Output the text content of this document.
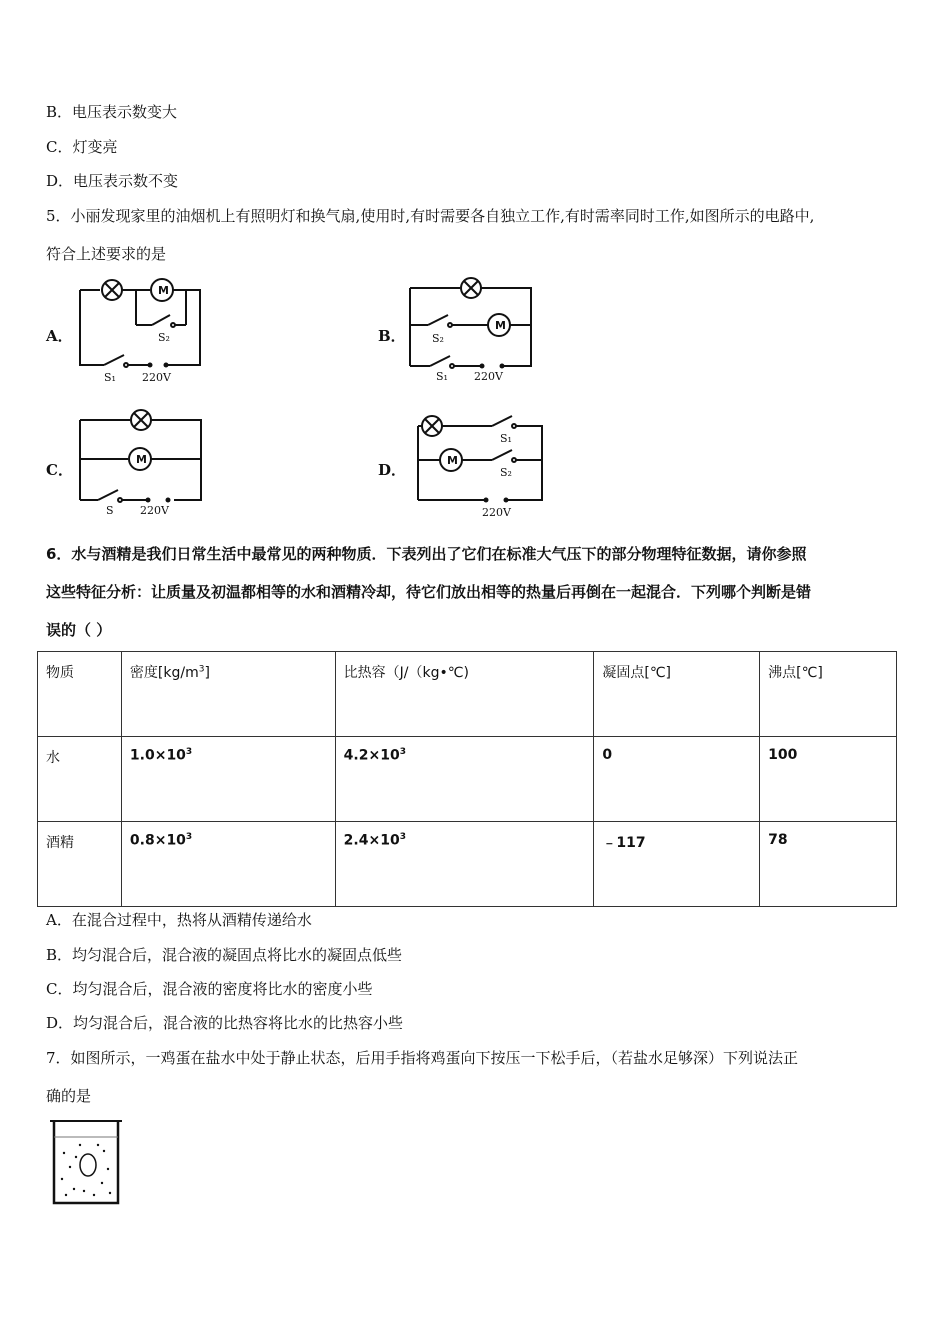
B．电压表示数变大
C．灯变亮
D．电压表示数不变
5．小丽发现家里的油烟机上有照明灯和换气扇,使用时,有时需要各自独立工作,有时需率同时工作,如图所示的电路中,
符合上述要求的是
A．
M
S₂
S₁ 220V
B．
M
S₂
S₁ 220V
C．
M
S 220V
D．
S₁
M
S₂
220V
6．水与酒精是我们日常生活中最常见的两种物质．下表列出了它们在标准大气压下的部分物理特征数据，请你参照
这些特征分析：让质量及初温都相等的水和酒精冷却，待它们放出相等的热量后再倒在一起混合．下列哪个判断是错
误的（ ）
物质	密度$[kg/m^3]$	比热容（J/（kg•℃)	凝固点[℃]	沸点[℃]
水	$1.0\times 10^3$	$4.2\times 10^3$	0	100
酒精	$0.8\times 10^3$	$2.4\times 10^3$	﹣117	78
A．在混合过程中，热将从酒精传递给水
B．均匀混合后，混合液的凝固点将比水的凝固点低些
C．均匀混合后，混合液的密度将比水的密度小些
D．均匀混合后，混合液的比热容将比水的比热容小些
7．如图所示，一鸡蛋在盐水中处于静止状态，后用手指将鸡蛋向下按压一下松手后，（若盐水足够深）下列说法正
确的是
